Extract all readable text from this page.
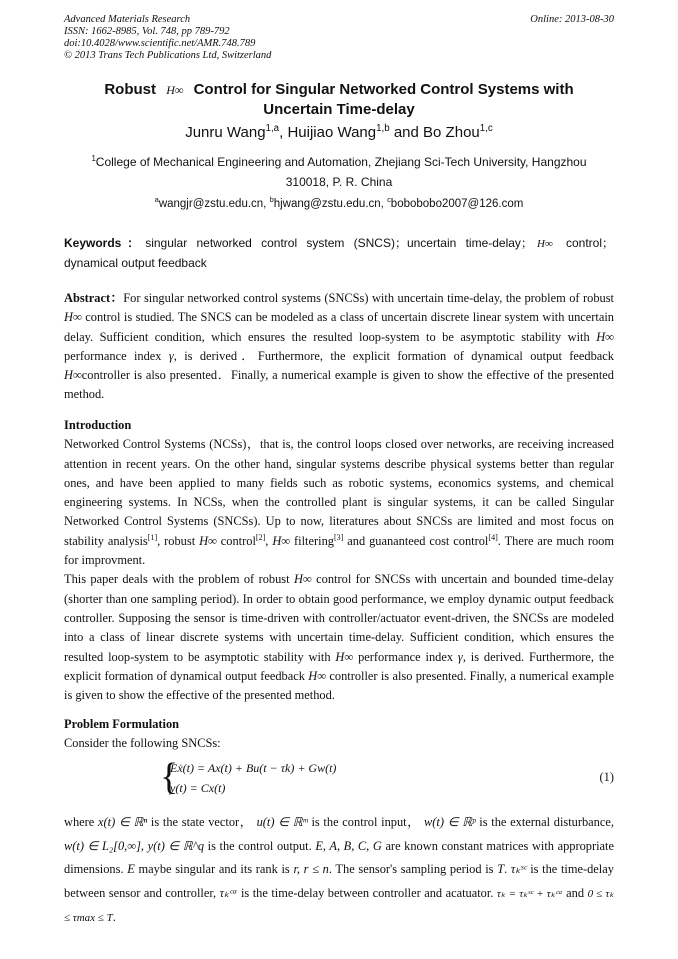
Advanced Materials Research
ISSN: 1662-8985, Vol. 748, pp 789-792
doi:10.4028/www.scientific.net/AMR.748.789
© 2013 Trans Tech Publications Ltd, Switzerland
Online: 2013-08-30
Robust H∞ Control for Singular Networked Control Systems with
Uncertain Time-delay
Junru Wang$^{1,a}$, Huijiao Wang$^{1,b}$ and Bo Zhou$^{1,c}$
$^1$College of Mechanical Engineering and Automation, Zhejiang Sci-Tech University, Hangzhou
310018, P. R. China
$^a$wangjr@zstu.edu.cn, $^b$hjwang@zstu.edu.cn, $^c$bobobobo2007@126.com
Keywords：singular networked control system (SNCS)；uncertain time-delay； H∞ control；dynamical output feedback

Abstract：For singular networked control systems (SNCSs) with uncertain time-delay, the problem of robust H∞ control is studied. The SNCS can be modeled as a class of uncertain discrete linear system with uncertain delay. Sufficient condition, which ensures the resulted loop-system to be asymptotic stability with H∞ performance index γ, is derived．Furthermore, the explicit formation of dynamical output feedback H∞controller is also presented．Finally, a numerical example is given to show the effective of the presented method.

Introduction

Networked Control Systems (NCSs)，that is, the control loops closed over networks, are receiving increased attention in recent years. On the other hand, singular systems describe physical systems better than regular ones, and have been applied to many fields such as robotic systems, economics systems, and chemical engineering systems. In NCSs, when the controlled plant is singular systems, it can be called Singular Networked Control Systems (SNCSs). Up to now, literatures about SNCSs are limited and most focus on stability analysis[1], robust H∞ control[2], H∞ filtering[3] and guananteed cost control[4]. There are much room for improvment.

This paper deals with the problem of robust H∞ control for SNCSs with uncertain and bounded time-delay (shorter than one sampling period). In order to obtain good performance, we employ dynamic output feedback controller. Supposing the sensor is time-driven with controller/actuator event-driven, the SNCSs are modeled into a class of linear discrete systems with uncertain time-delay. Sufficient condition, which ensures the resulted loop-system to be asymptotic stability with H∞ performance index γ, is derived. Furthermore, the explicit formation of dynamical output feedback H∞ controller is also presented. Finally, a numerical example is given to show the effective of the presented method.

Problem Formulation

Consider the following SNCSs:

{
Eẋ(t) = Ax(t) + Bu(t − τk) + Gw(t)
y(t) = Cx(t)
(1)

where x(t) ∈ ℝⁿ is the state vector， u(t) ∈ ℝᵐ is the control input， w(t) ∈ ℝᵖ is the external disturbance, w(t) ∈ L₂[0,∞], y(t) ∈ ℝ^q is the control output. E, A, B, C, G are known constant matrices with appropriate dimensions. E maybe singular and its rank is r, r ≤ n. The sensor's sampling period is T. τₖˢᶜ is the time-delay between sensor and controller, τₖᶜᵃ is the time-delay between controller and acatuator. τₖ = τₖˢᶜ + τₖᶜᵃ and 0 ≤ τₖ ≤ τmax ≤ T.
